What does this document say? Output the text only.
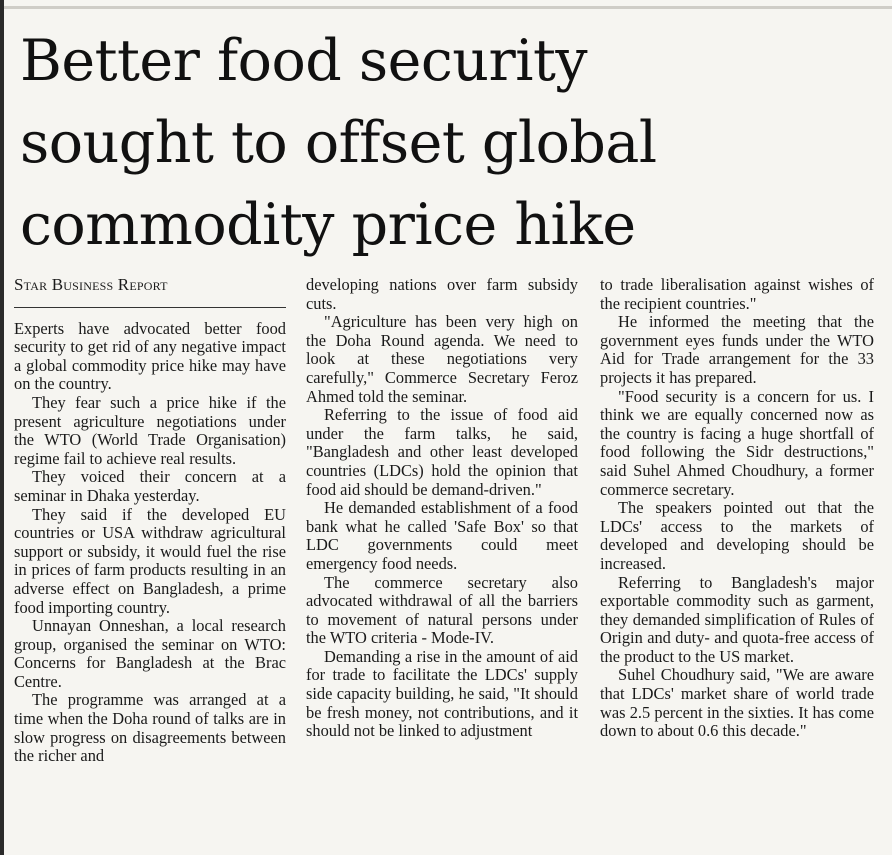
Better food security
sought to offset global
commodity price hike
Star Business Report

Experts have advocated better food security to get rid of any negative impact a global commodity price hike may have on the country.

They fear such a price hike if the present agriculture negotiations under the WTO (World Trade Organisation) regime fail to achieve real results.

They voiced their concern at a seminar in Dhaka yesterday.

They said if the developed EU countries or USA withdraw agricultural support or subsidy, it would fuel the rise in prices of farm products resulting in an adverse effect on Bangladesh, a prime food importing country.

Unnayan Onneshan, a local research group, organised the seminar on WTO: Concerns for Bangladesh at the Brac Centre.

The programme was arranged at a time when the Doha round of talks are in slow progress on disagreements between the richer and

developing nations over farm subsidy cuts.

"Agriculture has been very high on the Doha Round agenda. We need to look at these negotiations very carefully," Commerce Secretary Feroz Ahmed told the seminar.

Referring to the issue of food aid under the farm talks, he said, "Bangladesh and other least developed countries (LDCs) hold the opinion that food aid should be demand-driven."

He demanded establishment of a food bank what he called 'Safe Box' so that LDC governments could meet emergency food needs.

The commerce secretary also advocated withdrawal of all the barriers to movement of natural persons under the WTO criteria - Mode-IV.

Demanding a rise in the amount of aid for trade to facilitate the LDCs' supply side capacity building, he said, "It should be fresh money, not contributions, and it should not be linked to adjustment

to trade liberalisation against wishes of the recipient countries."

He informed the meeting that the government eyes funds under the WTO Aid for Trade arrangement for the 33 projects it has prepared.

"Food security is a concern for us. I think we are equally concerned now as the country is facing a huge shortfall of food following the Sidr destructions," said Suhel Ahmed Choudhury, a former commerce secretary.

The speakers pointed out that the LDCs' access to the markets of developed and developing should be increased.

Referring to Bangladesh's major exportable commodity such as garment, they demanded simplification of Rules of Origin and duty- and quota-free access of the product to the US market.

Suhel Choudhury said, "We are aware that LDCs' market share of world trade was 2.5 percent in the sixties. It has come down to about 0.6 this decade."
